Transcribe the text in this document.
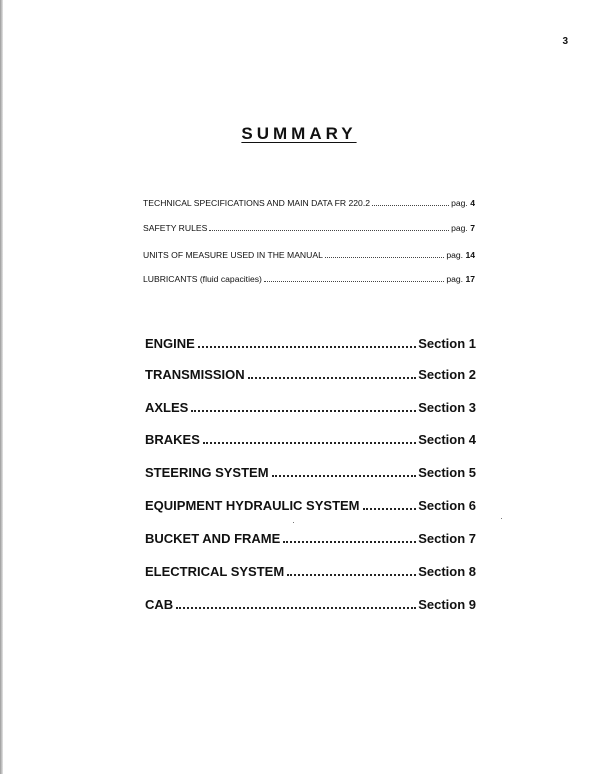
3
SUMMARY
TECHNICAL SPECIFICATIONS AND MAIN DATA FR 220.2	pag. 4
SAFETY RULES	pag. 7
UNITS OF MEASURE USED IN THE MANUAL	pag. 14
LUBRICANTS (fluid capacities)	pag. 17
ENGINE	Section 1
TRANSMISSION	Section 2
AXLES	Section 3
BRAKES	Section 4
STEERING SYSTEM	Section 5
EQUIPMENT HYDRAULIC SYSTEM	Section 6
BUCKET AND FRAME	Section 7
ELECTRICAL SYSTEM	Section 8
CAB	Section 9
